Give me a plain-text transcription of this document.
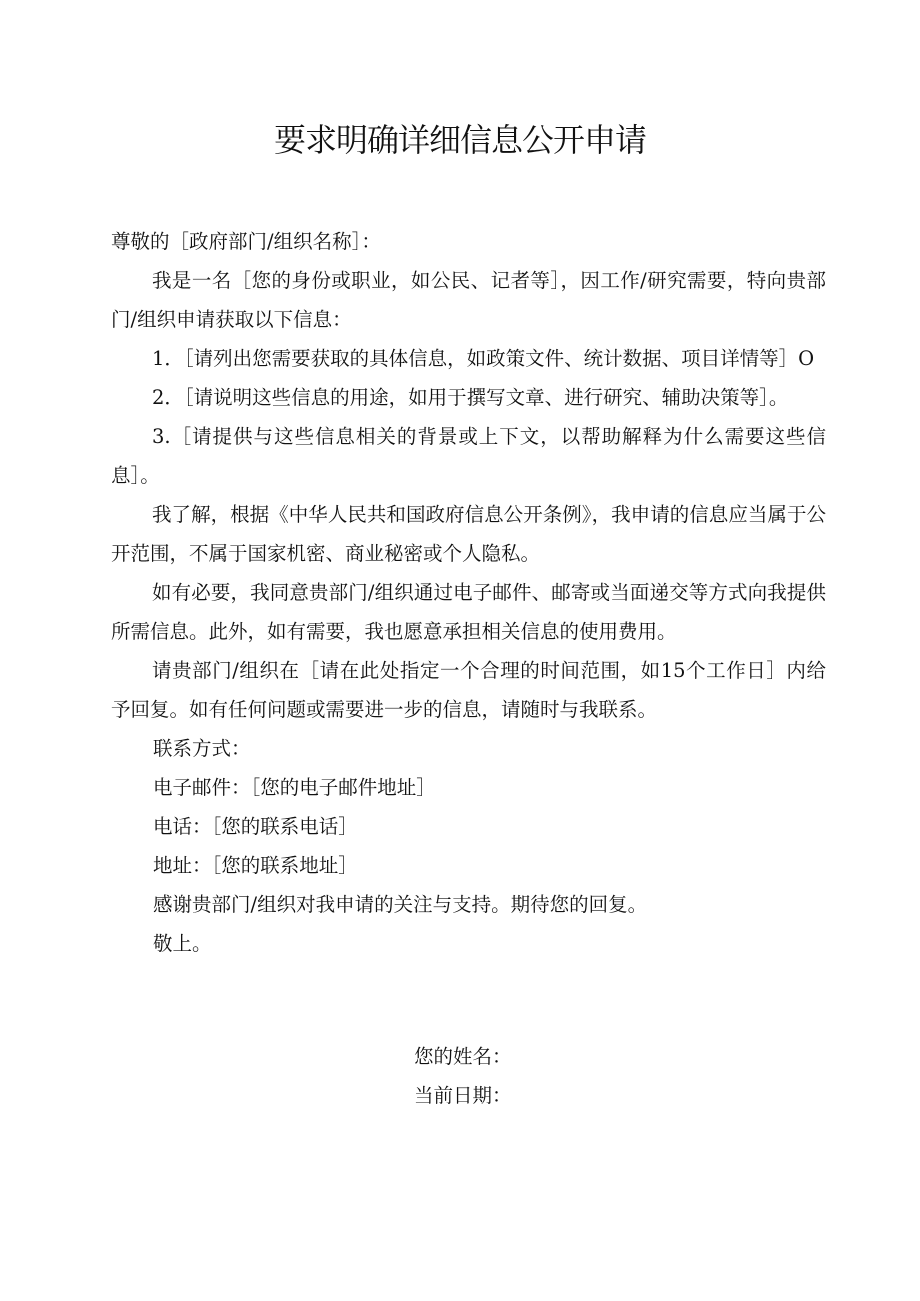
要求明确详细信息公开申请

尊敬的［政府部门/组织名称］：

我是一名［您的身份或职业，如公民、记者等］，因工作/研究需要，特向贵部门/组织申请获取以下信息：

1．［请列出您需要获取的具体信息，如政策文件、统计数据、项目详情等］O

2．［请说明这些信息的用途，如用于撰写文章、进行研究、辅助决策等］。

3.［请提供与这些信息相关的背景或上下文，以帮助解释为什么需要这些信息］。

我了解，根据《中华人民共和国政府信息公开条例》，我申请的信息应当属于公开范围，不属于国家机密、商业秘密或个人隐私。

如有必要，我同意贵部门/组织通过电子邮件、邮寄或当面递交等方式向我提供所需信息。此外，如有需要，我也愿意承担相关信息的使用费用。

请贵部门/组织在［请在此处指定一个合理的时间范围，如15个工作日］内给予回复。如有任何问题或需要进一步的信息，请随时与我联系。

联系方式：

电子邮件：［您的电子邮件地址］

电话：［您的联系电话］

地址：［您的联系地址］

感谢贵部门/组织对我申请的关注与支持。期待您的回复。

敬上。

您的姓名：

当前日期：
